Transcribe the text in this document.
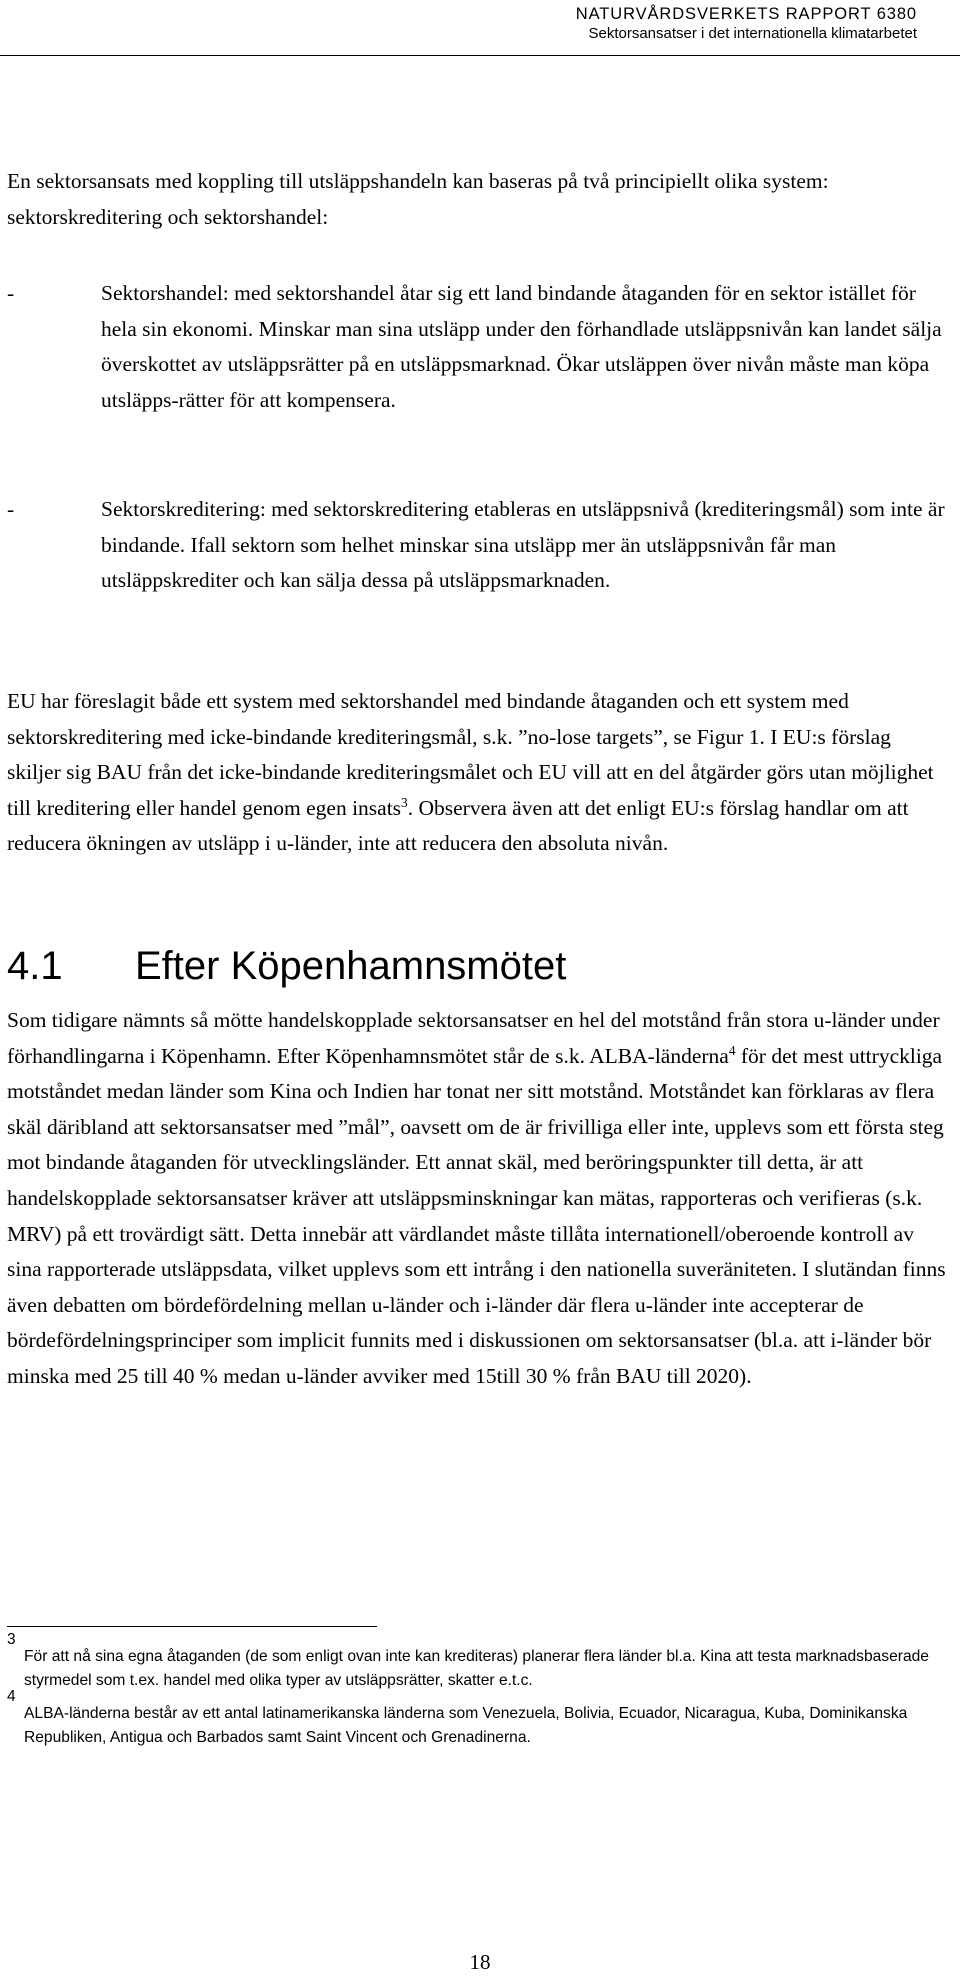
NATURVÅRDSVERKETS RAPPORT 6380
Sektorsansatser i det internationella klimatarbetet

En sektorsansats med koppling till utsläppshandeln kan baseras på två principiellt olika system: sektorskreditering och sektorshandel:

-	Sektorshandel: med sektorshandel åtar sig ett land bindande åtaganden för en sektor istället för hela sin ekonomi. Minskar man sina utsläpp under den förhandlade utsläppsnivån kan landet sälja överskottet av utsläppsrätter på en utsläppsmarknad. Ökar utsläppen över nivån måste man köpa utsläpps-rätter för att kompensera.
-	Sektorskreditering: med sektorskreditering etableras en utsläppsnivå (krediteringsmål) som inte är bindande. Ifall sektorn som helhet minskar sina utsläpp mer än utsläppsnivån får man utsläppskrediter och kan sälja dessa på utsläppsmarknaden.

EU har föreslagit både ett system med sektorshandel med bindande åtaganden och ett system med sektorskreditering med icke-bindande krediteringsmål, s.k. ”no-lose targets”, se Figur 1. I EU:s förslag skiljer sig BAU från det icke-bindande krediteringsmålet och EU vill att en del åtgärder görs utan möjlighet till kreditering eller handel genom egen insats$^3$. Observera även att det enligt EU:s förslag handlar om att reducera ökningen av utsläpp i u-länder, inte att reducera den absoluta nivån.

4.1 Efter Köpenhamnsmötet

Som tidigare nämnts så mötte handelskopplade sektorsansatser en hel del motstånd från stora u-länder under förhandlingarna i Köpenhamn. Efter Köpenhamnsmötet står de s.k. ALBA-länderna$^4$ för det mest uttryckliga motståndet medan länder som Kina och Indien har tonat ner sitt motstånd. Motståndet kan förklaras av flera skäl däribland att sektorsansatser med ”mål”, oavsett om de är frivilliga eller inte, upplevs som ett första steg mot bindande åtaganden för utvecklingsländer. Ett annat skäl, med beröringspunkter till detta, är att handelskopplade sektorsansatser kräver att utsläppsminskningar kan mätas, rapporteras och verifieras (s.k. MRV) på ett trovärdigt sätt. Detta innebär att värdlandet måste tillåta internationell/oberoende kontroll av sina rapporterade utsläppsdata, vilket upplevs som ett intrång i den nationella suveräniteten. I slutändan finns även debatten om bördefördelning mellan u-länder och i-länder där flera u-länder inte accepterar de bördefördelningsprinciper som implicit funnits med i diskussionen om sektorsansatser (bl.a. att i-länder bör minska med 25 till 40 % medan u-länder avviker med 15till 30 % från BAU till 2020).

3
För att nå sina egna åtaganden (de som enligt ovan inte kan krediteras) planerar flera länder bl.a. Kina att testa marknadsbaserade styrmedel som t.ex. handel med olika typer av utsläppsrätter, skatter e.t.c.
4
ALBA-länderna består av ett antal latinamerikanska länderna som Venezuela, Bolivia, Ecuador, Nicaragua, Kuba, Dominikanska Republiken, Antigua och Barbados samt Saint Vincent och Grenadinerna.
18
